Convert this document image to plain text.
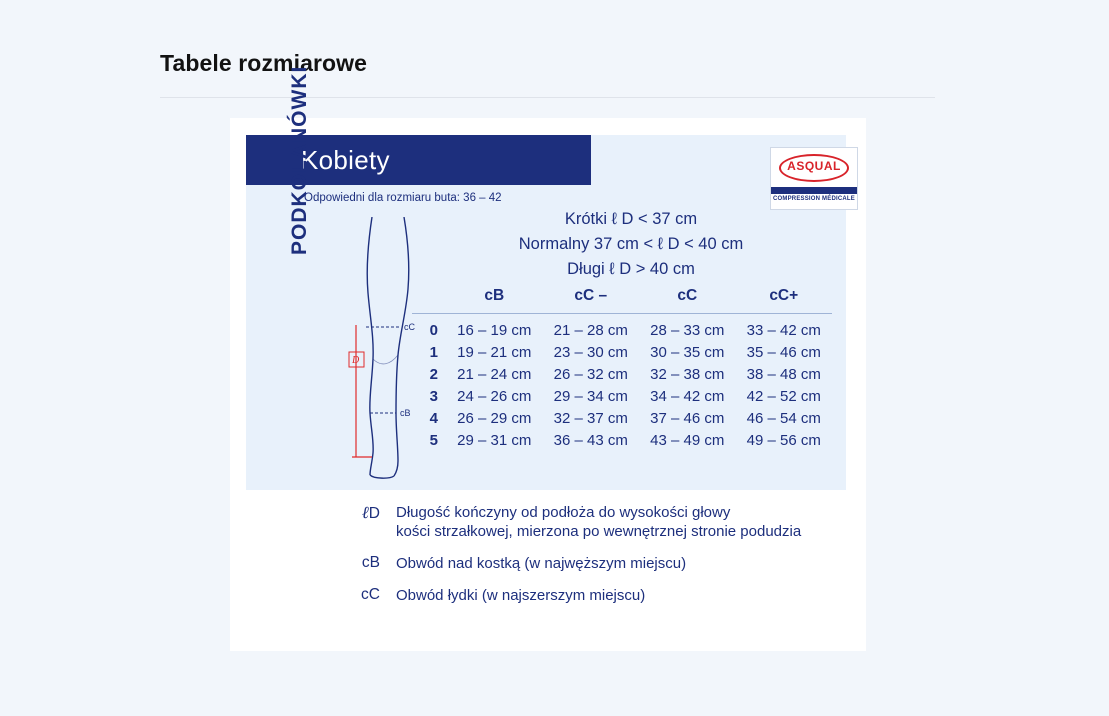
Tabele rozmiarowe
Kobiety	ASQUAL
COMPRESSION MÉDICALE
Odpowiedni dla rozmiaru buta: 36 – 42
PODKOLANÓWKI
cC
cB
D
Krótki ℓ D < 37 cm
Normalny 37 cm < ℓ D < 40 cm
Długi ℓ D > 40 cm
	cB	cC –	cC	cC+
0	16 – 19 cm	21 – 28 cm	28 – 33 cm	33 – 42 cm
1	19 – 21 cm	23 – 30 cm	30 – 35 cm	35 – 46 cm
2	21 – 24 cm	26 – 32 cm	32 – 38 cm	38 – 48 cm
3	24 – 26 cm	29 – 34 cm	34 – 42 cm	42 – 52 cm
4	26 – 29 cm	32 – 37 cm	37 – 46 cm	46 – 54 cm
5	29 – 31 cm	36 – 43 cm	43 – 49 cm	49 – 56 cm
ℓD	Długość kończyny od podłoża do wysokości głowy
kości strzałkowej, mierzona po wewnętrznej stronie podudzia
cB	Obwód nad kostką (w najwęższym miejscu)
cC	Obwód łydki (w najszerszym miejscu)
